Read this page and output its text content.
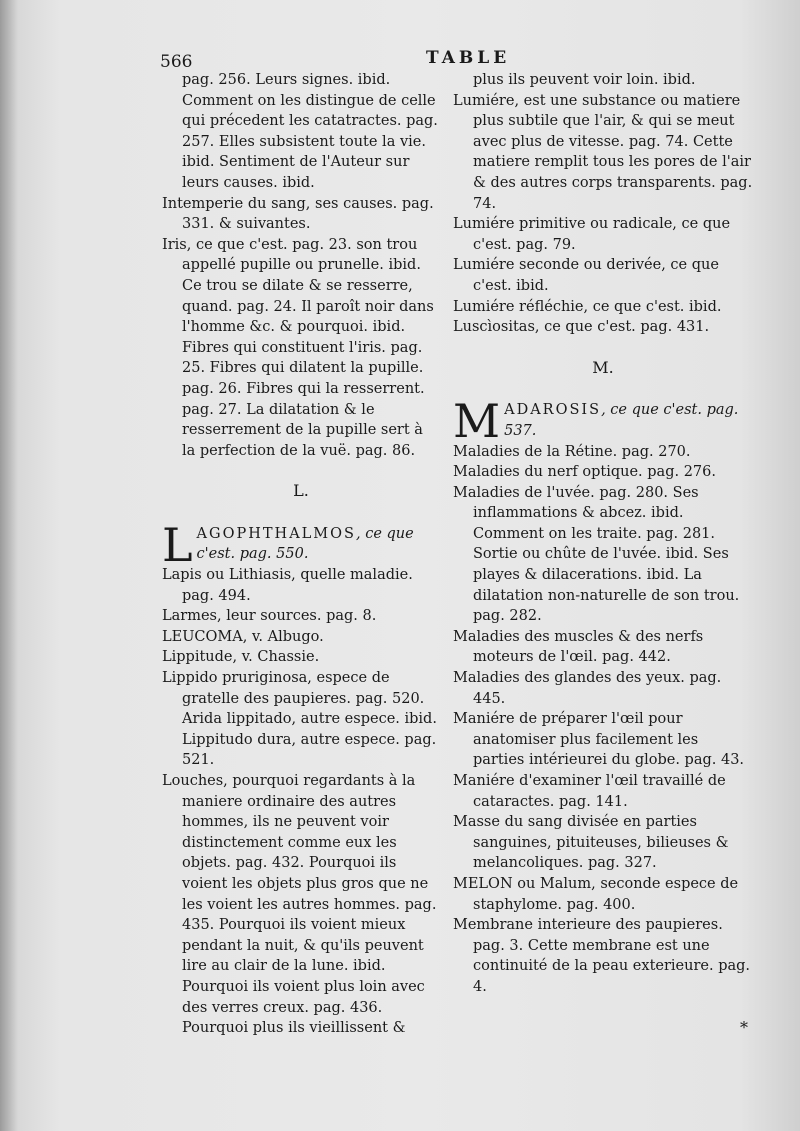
566	TABLE

pag. 256. Leurs signes. ibid. Comment on les distingue de celle qui précedent les catatractes. pag. 257. Elles subsistent toute la vie. ibid. Sentiment de l'Auteur sur leurs causes. ibid.

Intemperie du sang, ses causes. pag. 331. & suivantes.

Iris, ce que c'est. pag. 23. son trou appellé pupille ou prunelle. ibid. Ce trou se dilate & se resserre, quand. pag. 24. Il paroît noir dans l'homme &c. & pourquoi. ibid. Fibres qui constituent l'iris. pag. 25. Fibres qui dilatent la pupille. pag. 26. Fibres qui la resserrent. pag. 27. La dilatation & le resserrement de la pupille sert à la perfection de la vuë. pag. 86.

L.

LAGOPHTHALMOS, ce que c'est. pag. 550.

Lapis ou Lithiasis, quelle maladie. pag. 494.

Larmes, leur sources. pag. 8.

LEUCOMA, v. Albugo.

Lippitude, v. Chassie.

Lippido pruriginosa, espece de gratelle des paupieres. pag. 520. Arida lippitado, autre espece. ibid. Lippitudo dura, autre espece. pag. 521.

Louches, pourquoi regardants à la maniere ordinaire des autres hommes, ils ne peuvent voir distinctement comme eux les objets. pag. 432. Pourquoi ils voient les objets plus gros que ne les voient les autres hommes. pag. 435. Pourquoi ils voient mieux pendant la nuit, & qu'ils peuvent lire au clair de la lune. ibid. Pourquoi ils voient plus loin avec des verres creux. pag. 436. Pourquoi plus ils vieillissent &

plus ils peuvent voir loin. ibid.

Lumiére, est une substance ou matiere plus subtile que l'air, & qui se meut avec plus de vitesse. pag. 74. Cette matiere remplit tous les pores de l'air & des autres corps transparents. pag. 74.

Lumiére primitive ou radicale, ce que c'est. pag. 79.

Lumiére seconde ou derivée, ce que c'est. ibid.

Lumiére réfléchie, ce que c'est. ibid.

Luscìositas, ce que c'est. pag. 431.

M.

MADAROSIS, ce que c'est. pag. 537.

Maladies de la Rétine. pag. 270.

Maladies du nerf optique. pag. 276.

Maladies de l'uvée. pag. 280. Ses inflammations & abcez. ibid. Comment on les traite. pag. 281. Sortie ou chûte de l'uvée. ibid. Ses playes & dilacerations. ibid. La dilatation non-naturelle de son trou. pag. 282.

Maladies des muscles & des nerfs moteurs de l'œil. pag. 442.

Maladies des glandes des yeux. pag. 445.

Maniére de préparer l'œil pour anatomiser plus facilement les parties intérieurei du globe. pag. 43.

Maniére d'examiner l'œil travaillé de cataractes. pag. 141.

Masse du sang divisée en parties sanguines, pituiteuses, bilieuses & melancoliques. pag. 327.

MELON ou Malum, seconde espece de staphylome. pag. 400.

Membrane interieure des paupieres. pag. 3. Cette membrane est une continuité de la peau exterieure. pag. 4.

*
